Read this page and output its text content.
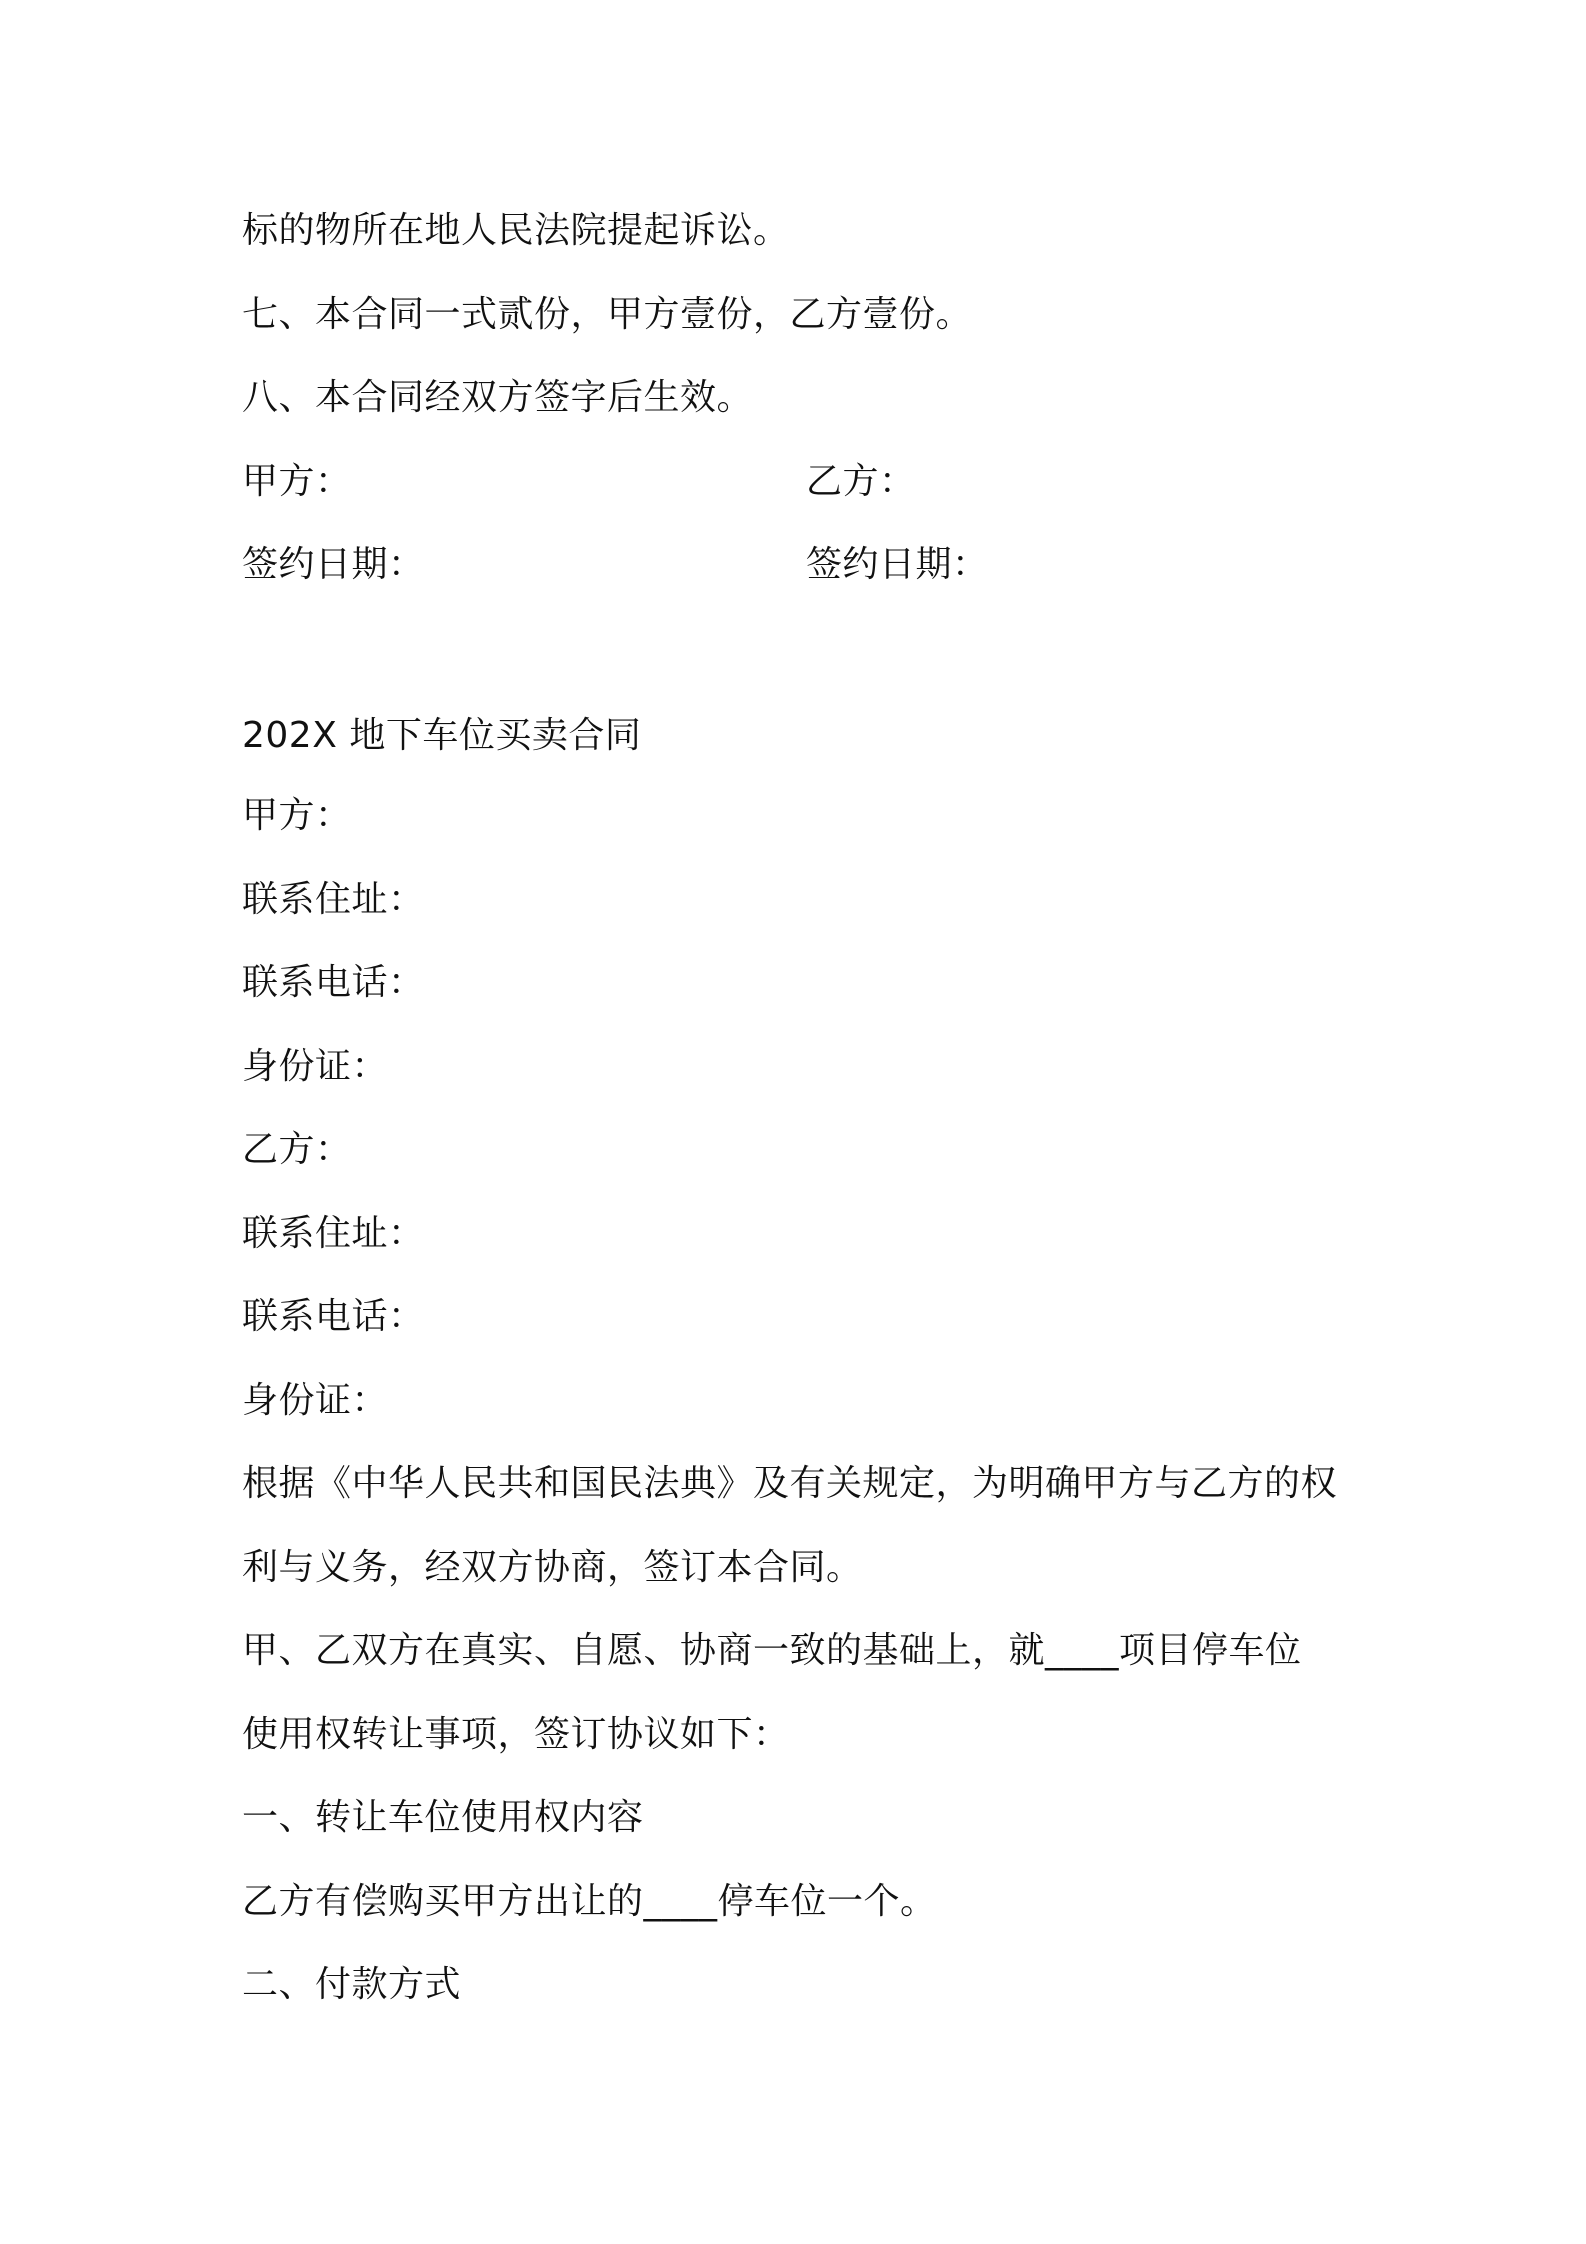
标的物所在地人民法院提起诉讼。
七、本合同一式贰份，甲方壹份，乙方壹份。
八、本合同经双方签字后生效。
甲方：	乙方：
签约日期：	签约日期：
202X 地下车位买卖合同
甲方：
联系住址：
联系电话：
身份证：
乙方：
联系住址：
联系电话：
身份证：
根据《中华人民共和国民法典》及有关规定，为明确甲方与乙方的权
利与义务，经双方协商，签订本合同。
甲、乙双方在真实、自愿、协商一致的基础上，就____项目停车位
使用权转让事项，签订协议如下：
一、转让车位使用权内容
乙方有偿购买甲方出让的____停车位一个。
二、付款方式
